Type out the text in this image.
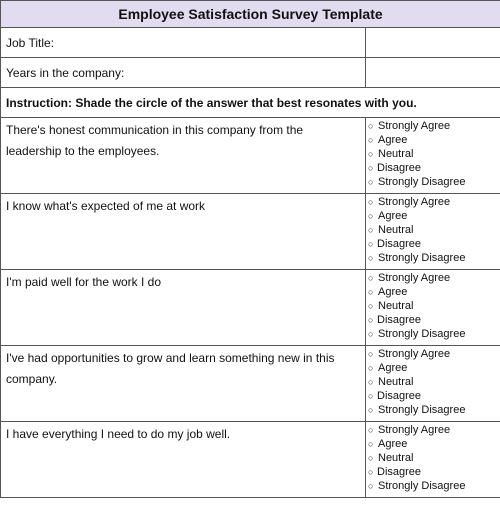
Employee Satisfaction Survey Template	
Job Title:	
Years in the company:	
Instruction: Shade the circle of the answer that best resonates with you.	
There's honest communication in this company from the leadership to the employees.	○ Strongly Agree
○ Agree
○ Neutral
○ Disagree
○ Strongly Disagree

I know what's expected of me at work	○ Strongly Agree
○ Agree
○ Neutral
○ Disagree
○ Strongly Disagree

I'm paid well for the work I do	○ Strongly Agree
○ Agree
○ Neutral
○ Disagree
○ Strongly Disagree

I've had opportunities to grow and learn something new in this company.	○ Strongly Agree
○ Agree
○ Neutral
○ Disagree
○ Strongly Disagree

I have everything I need to do my job well.	○ Strongly Agree
○ Agree
○ Neutral
○ Disagree
○ Strongly Disagree
